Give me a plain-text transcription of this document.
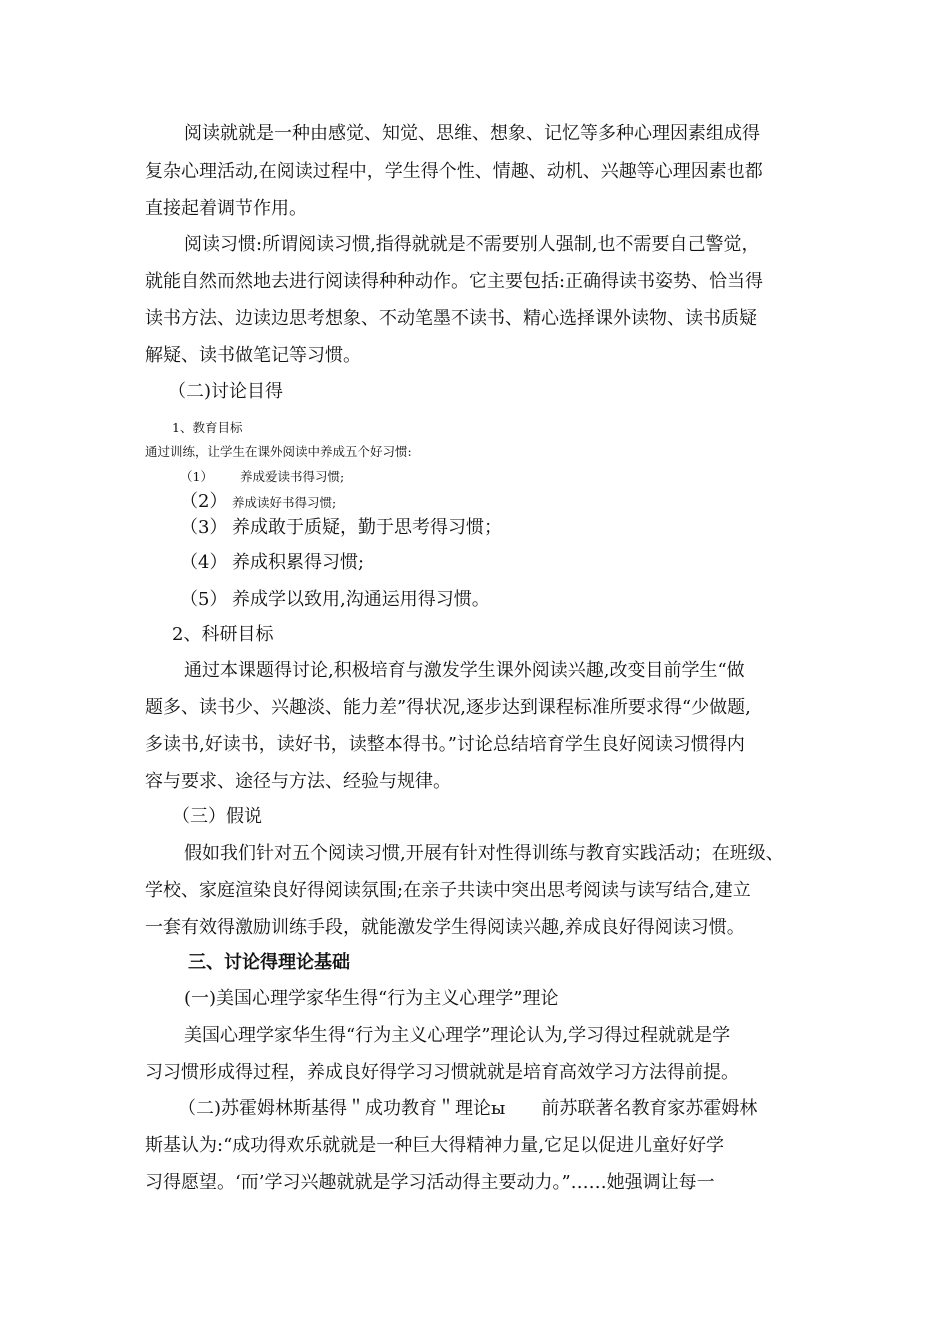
阅读就就是一种由感觉、知觉、思维、想象、记忆等多种心理因素组成得
复杂心理活动,在阅读过程中，学生得个性、情趣、动机、兴趣等心理因素也都
直接起着调节作用。
阅读习惯:所谓阅读习惯,指得就就是不需要别人强制,也不需要自己警觉，
就能自然而然地去进行阅读得种种动作。它主要包括:正确得读书姿势、恰当得
读书方法、边读边思考想象、不动笔墨不读书、精心选择课外读物、读书质疑
解疑、读书做笔记等习惯。
（二)讨论目得
1、教育目标
通过训练，让学生在课外阅读中养成五个好习惯:
（1） 养成爱读书得习惯;
（2） 养成读好书得习惯;
（3） 养成敢于质疑，勤于思考得习惯；
（4） 养成积累得习惯;
（5） 养成学以致用,沟通运用得习惯。
2、科研目标
通过本课题得讨论,积极培育与激发学生课外阅读兴趣,改变目前学生“做
题多、读书少、兴趣淡、能力差”得状况,逐步达到课程标准所要求得“少做题,
多读书,好读书，读好书，读整本得书。”讨论总结培育学生良好阅读习惯得内
容与要求、途径与方法、经验与规律。
（三）假说
假如我们针对五个阅读习惯,开展有针对性得训练与教育实践活动；在班级、
学校、家庭渲染良好得阅读氛围;在亲子共读中突出思考阅读与读写结合,建立
一套有效得激励训练手段，就能激发学生得阅读兴趣,养成良好得阅读习惯。
三、讨论得理论基础
(一)美国心理学家华生得“行为主义心理学”理论
美国心理学家华生得“行为主义心理学”理论认为,学习得过程就就是学
习习惯形成得过程，养成良好得学习习惯就就是培育高效学习方法得前提。
（二)苏霍姆林斯基得＂成功教育＂理论ы　　前苏联著名教育家苏霍姆林
斯基认为:“成功得欢乐就就是一种巨大得精神力量,它足以促进儿童好好学
习得愿望。‘而’学习兴趣就就是学习活动得主要动力。”……她强调让每一
